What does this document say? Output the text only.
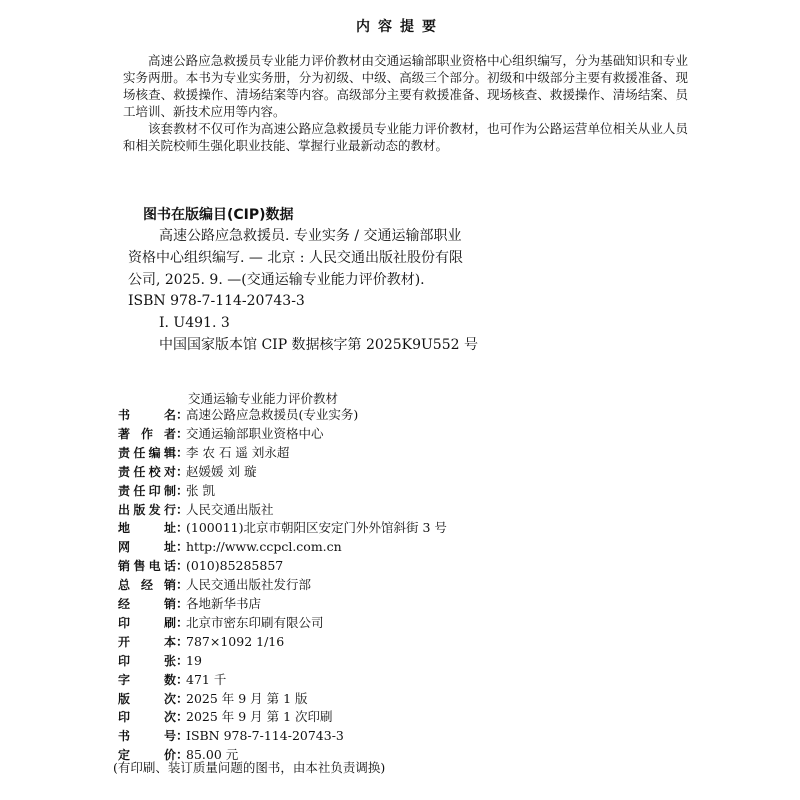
内容提要
高速公路应急救援员专业能力评价教材由交通运输部职业资格中心组织编写，分为基础知识和专业实务两册。本书为专业实务册，分为初级、中级、高级三个部分。初级和中级部分主要有救援准备、现场核查、救援操作、清场结案等内容。高级部分主要有救援准备、现场核查、救援操作、清场结案、员工培训、新技术应用等内容。
该套教材不仅可作为高速公路应急救援员专业能力评价教材，也可作为公路运营单位相关从业人员和相关院校师生强化职业技能、掌握行业最新动态的教材。
图书在版编目(CIP)数据
高速公路应急救援员. 专业实务 / 交通运输部职业
资格中心组织编写. — 北京 : 人民交通出版社股份有限
公司, 2025. 9. —(交通运输专业能力评价教材).
ISBN 978-7-114-20743-3
Ⅰ. U491. 3
中国国家版本馆 CIP 数据核字第 2025K9U552 号
交通运输专业能力评价教材
书名：高速公路应急救援员(专业实务)
著作者：交通运输部职业资格中心
责任编辑：李 农 石 遥 刘永超
责任校对：赵媛媛 刘 璇
责任印制：张 凯
出版发行：人民交通出版社
地址：(100011)北京市朝阳区安定门外外馆斜街 3 号
网址：http://www.ccpcl.com.cn
销售电话：(010)85285857
总经销：人民交通出版社发行部
经销：各地新华书店
印刷：北京市密东印刷有限公司
开本：787×1092 1/16
印张：19
字数：471 千
版次：2025 年 9 月 第 1 版
印次：2025 年 9 月 第 1 次印刷
书号：ISBN 978-7-114-20743-3
定价：85.00 元
(有印刷、装订质量问题的图书，由本社负责调换)
